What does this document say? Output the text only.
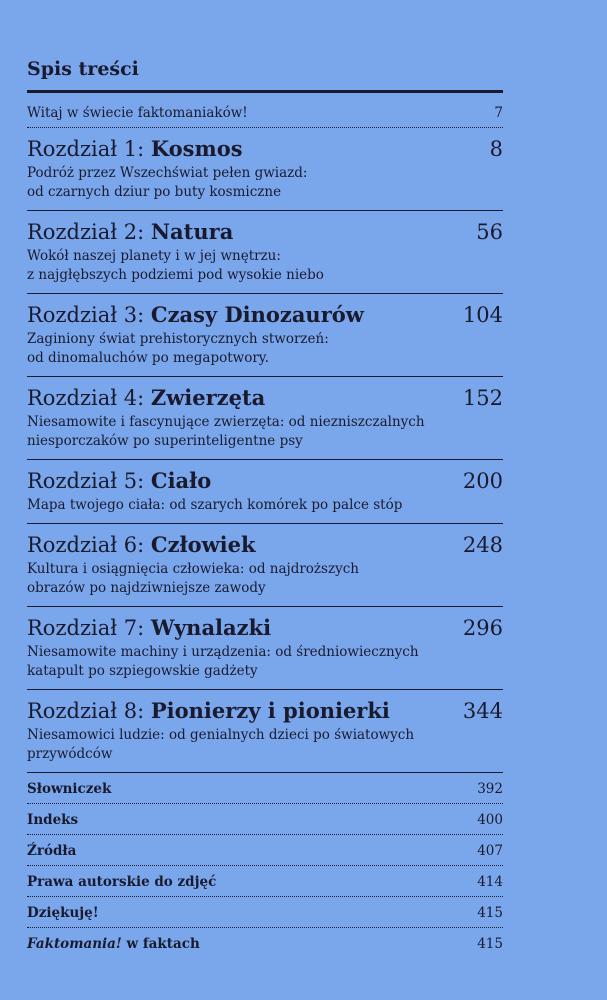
Spis treści
Witaj w świecie faktomaniaków!	7
Rozdział 1: Kosmos	8
Podróż przez Wszechświat pełen gwiazd:
od czarnych dziur po buty kosmiczne
Rozdział 2: Natura	56
Wokół naszej planety i w jej wnętrzu:
z najgłębszych podziemi pod wysokie niebo
Rozdział 3: Czasy Dinozaurów	104
Zaginiony świat prehistorycznych stworzeń:
od dinomaluchów po megapotwory.
Rozdział 4: Zwierzęta	152
Niesamowite i fascynujące zwierzęta: od niezniszczalnych
niesporczaków po superinteligentne psy
Rozdział 5: Ciało	200
Mapa twojego ciała: od szarych komórek po palce stóp
Rozdział 6: Człowiek	248
Kultura i osiągnięcia człowieka: od najdroższych
obrazów po najdziwniejsze zawody
Rozdział 7: Wynalazki	296
Niesamowite machiny i urządzenia: od średniowiecznych
katapult po szpiegowskie gadżety
Rozdział 8: Pionierzy i pionierki	344
Niesamowici ludzie: od genialnych dzieci po światowych
przywódców
Słowniczek	392
Indeks	400
Źródła	407
Prawa autorskie do zdjęć	414
Dziękuję!	415
Faktomania! w faktach	415
